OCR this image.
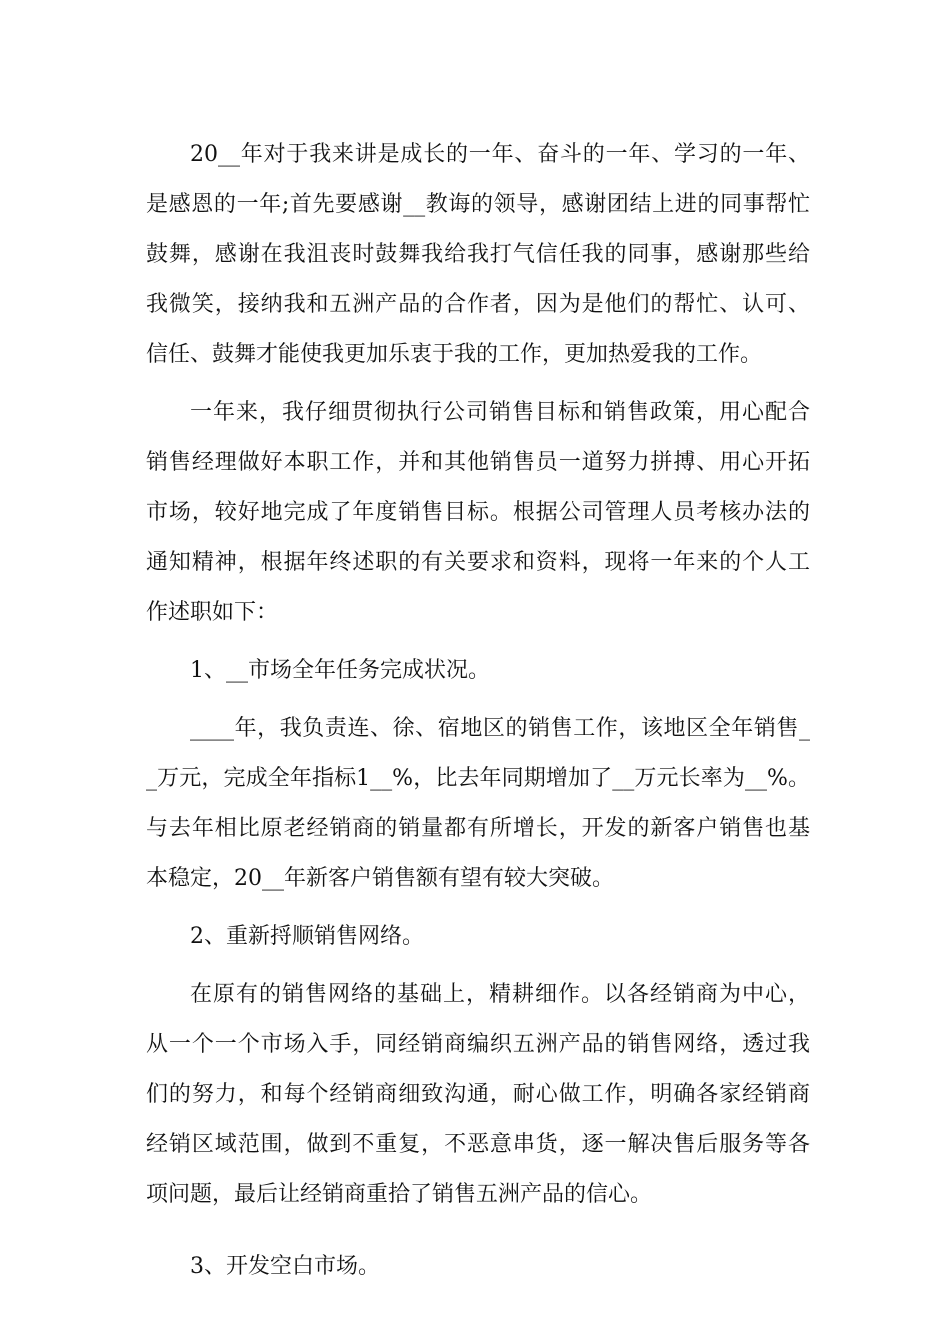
20__年对于我来讲是成长的一年、奋斗的一年、学习的一年、
是感恩的一年;首先要感谢__教诲的领导，感谢团结上进的同事帮忙
鼓舞，感谢在我沮丧时鼓舞我给我打气信任我的同事，感谢那些给
我微笑，接纳我和五洲产品的合作者，因为是他们的帮忙、认可、
信任、鼓舞才能使我更加乐衷于我的工作，更加热爱我的工作。
一年来，我仔细贯彻执行公司销售目标和销售政策，用心配合
销售经理做好本职工作，并和其他销售员一道努力拼搏、用心开拓
市场，较好地完成了年度销售目标。根据公司管理人员考核办法的
通知精神，根据年终述职的有关要求和资料，现将一年来的个人工
作述职如下：
1、__市场全年任务完成状况。
____年，我负责连、徐、宿地区的销售工作，该地区全年销售_
_万元，完成全年指标1__%，比去年同期增加了__万元长率为__%。
与去年相比原老经销商的销量都有所增长，开发的新客户销售也基
本稳定，20__年新客户销售额有望有较大突破。
2、重新捋顺销售网络。
在原有的销售网络的基础上，精耕细作。以各经销商为中心，
从一个一个市场入手，同经销商编织五洲产品的销售网络，透过我
们的努力，和每个经销商细致沟通，耐心做工作，明确各家经销商
经销区域范围，做到不重复，不恶意串货，逐一解决售后服务等各
项问题，最后让经销商重拾了销售五洲产品的信心。
3、开发空白市场。
